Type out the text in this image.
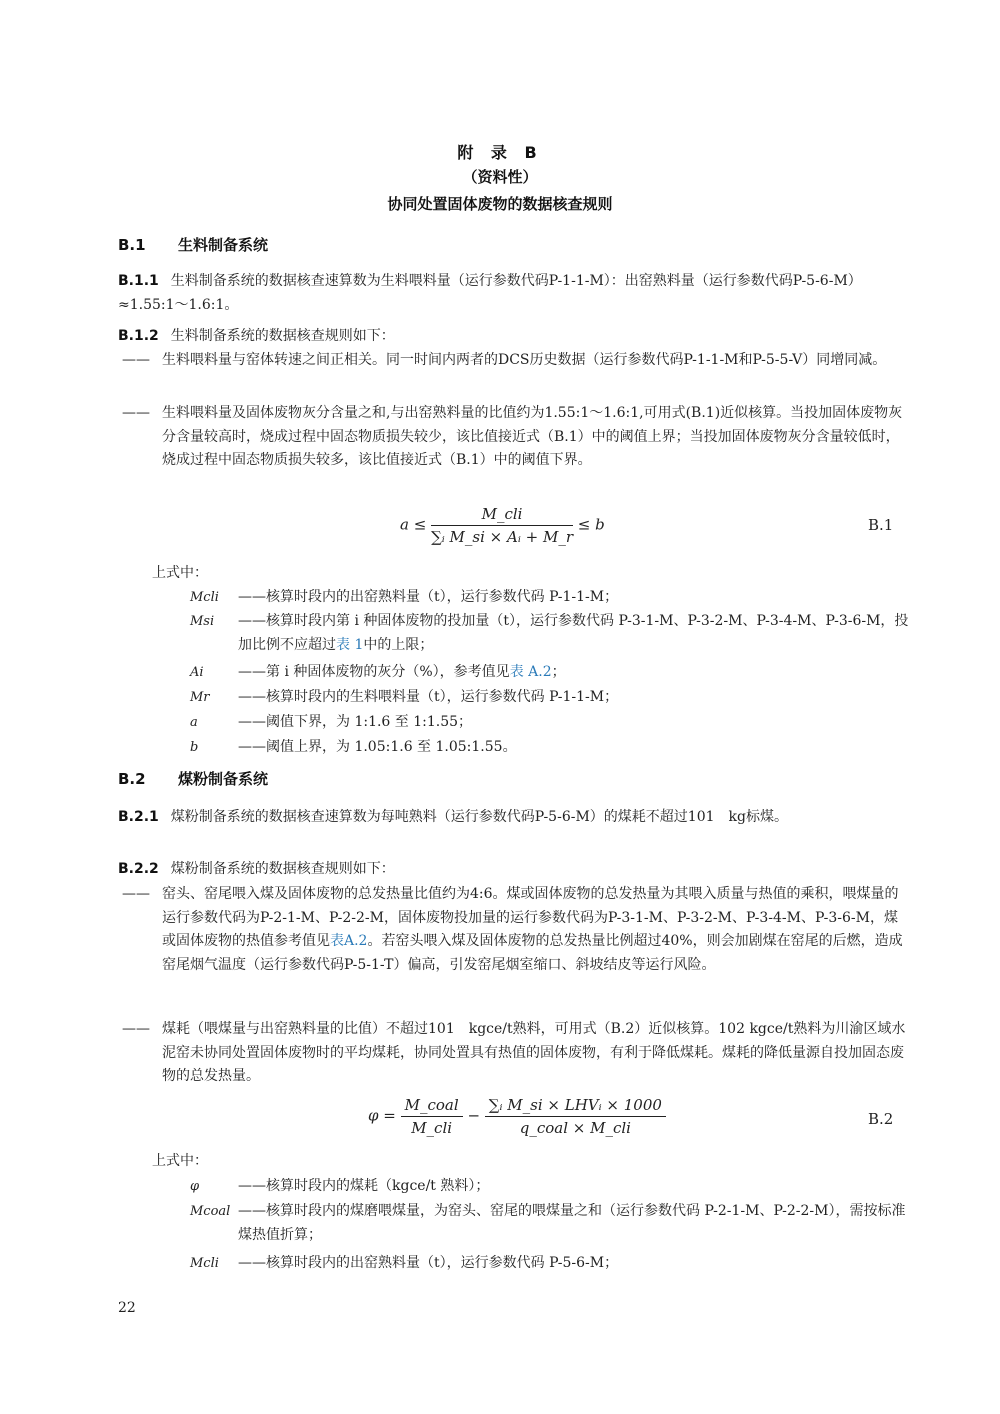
附 录 B
（资料性）
协同处置固体废物的数据核查规则
B.1 生料制备系统
B.1.1 生料制备系统的数据核查速算数为生料喂料量（运行参数代码P-1-1-M）：出窑熟料量（运行参数代码P-5-6-M）≈1.55:1～1.6:1。
B.1.2 生料制备系统的数据核查规则如下：
—— 生料喂料量与窑体转速之间正相关。同一时间内两者的DCS历史数据（运行参数代码P-1-1-M和P-5-5-V）同增同减。
—— 生料喂料量及固体废物灰分含量之和,与出窑熟料量的比值约为1.55:1～1.6:1,可用式(B.1)近似核算。当投加固体废物灰分含量较高时，烧成过程中固态物质损失较少，该比值接近式（B.1）中的阈值上界；当投加固体废物灰分含量较低时，烧成过程中固态物质损失较多，该比值接近式（B.1）中的阈值下界。
$a \le \frac{\text{M\_cli}}{\text{∑ᵢ M\_si × Aᵢ + M\_r}} \le b$	B.1
上式中：
Mcli	——核算时段内的出窑熟料量（t），运行参数代码 P-1-1-M；
Msi	——核算时段内第 i 种固体废物的投加量（t），运行参数代码 P-3-1-M、P-3-2-M、P-3-4-M、P-3-6-M，投加比例不应超过表 1中的上限；
Ai	——第 i 种固体废物的灰分（%），参考值见表 A.2；
Mr	——核算时段内的生料喂料量（t），运行参数代码 P-1-1-M；
a	——阈值下界，为 1:1.6 至 1:1.55；
b	——阈值上界，为 1.05:1.6 至 1.05:1.55。
B.2 煤粉制备系统
B.2.1 煤粉制备系统的数据核查速算数为每吨熟料（运行参数代码P-5-6-M）的煤耗不超过101　kg标煤。
B.2.2 煤粉制备系统的数据核查规则如下：
—— 窑头、窑尾喂入煤及固体废物的总发热量比值约为4:6。煤或固体废物的总发热量为其喂入质量与热值的乘积，喂煤量的运行参数代码为P-2-1-M、P-2-2-M，固体废物投加量的运行参数代码为P-3-1-M、P-3-2-M、P-3-4-M、P-3-6-M，煤或固体废物的热值参考值见表A.2。若窑头喂入煤及固体废物的总发热量比例超过40%，则会加剧煤在窑尾的后燃，造成窑尾烟气温度（运行参数代码P-5-1-T）偏高，引发窑尾烟室缩口、斜坡结皮等运行风险。
—— 煤耗（喂煤量与出窑熟料量的比值）不超过101　kgce/t熟料，可用式（B.2）近似核算。102 kgce/t熟料为川渝区域水泥窑未协同处置固体废物时的平均煤耗，协同处置具有热值的固体废物，有利于降低煤耗。煤耗的降低量源自投加固态废物的总发热量。
$\varphi = \frac{\text{M\_coal}}{\text{M\_cli}} - \frac{\text{∑ᵢ M\_si × LHVᵢ × 1000}}{\text{q\_coal × M\_cli}}$	B.2
上式中：
φ	——核算时段内的煤耗（kgce/t 熟料）；
Mcoal ——核算时段内的煤磨喂煤量，为窑头、窑尾的喂煤量之和（运行参数代码 P-2-1-M、P-2-2-M），需按标准煤热值折算；
Mcli	——核算时段内的出窑熟料量（t），运行参数代码 P-5-6-M；
22
